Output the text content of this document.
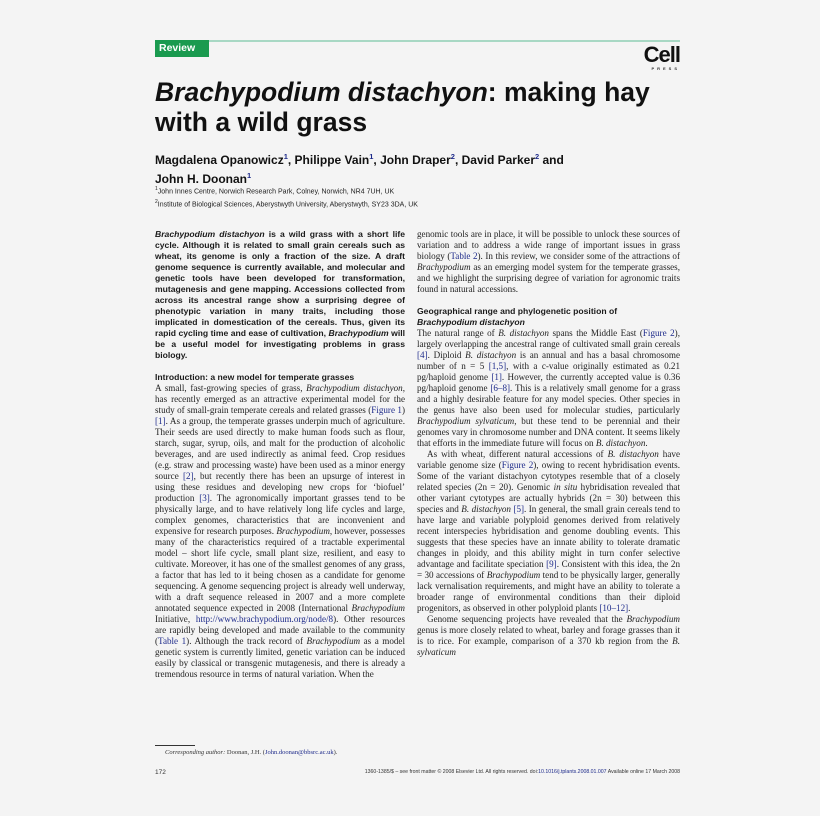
Review	Cell
PRESS
Brachypodium distachyon: making hay with a wild grass
Magdalena Opanowicz$^1$, Philippe Vain$^1$, John Draper$^2$, David Parker$^2$ and
John H. Doonan$^1$
$^1$John Innes Centre, Norwich Research Park, Colney, Norwich, NR4 7UH, UK
$^2$Institute of Biological Sciences, Aberystwyth University, Aberystwyth, SY23 3DA, UK

Brachypodium distachyon is a wild grass with a short life cycle. Although it is related to small grain cereals such as wheat, its genome is only a fraction of the size. A draft genome sequence is currently available, and molecular and genetic tools have been developed for transformation, mutagenesis and gene mapping. Accessions collected from across its ancestral range show a surprising degree of phenotypic variation in many traits, including those implicated in domestication of the cereals. Thus, given its rapid cycling time and ease of cultivation, Brachypodium will be a useful model for investigating problems in grass biology.

Introduction: a new model for temperate grasses

A small, fast-growing species of grass, Brachypodium distachyon, has recently emerged as an attractive experimental model for the study of small-grain temperate cereals and related grasses (Figure 1) [1]. As a group, the temperate grasses underpin much of agriculture. Their seeds are used directly to make human foods such as flour, starch, sugar, syrup, oils, and malt for the production of alcoholic beverages, and are used indirectly as animal feed. Crop residues (e.g. straw and processing waste) have been used as a minor energy source [2], but recently there has been an upsurge of interest in using these residues and developing new crops for ‘biofuel’ production [3]. The agronomically important grasses tend to be physically large, and to have relatively long life cycles and large, complex genomes, characteristics that are inconvenient and expensive for research purposes. Brachypodium, however, possesses many of the characteristics required of a tractable experimental model – short life cycle, small plant size, resilient, and easy to cultivate. Moreover, it has one of the smallest genomes of any grass, a factor that has led to it being chosen as a candidate for genome sequencing. A genome sequencing project is already well underway, with a draft sequence released in 2007 and a more complete annotated sequence expected in 2008 (International Brachypodium Initiative, http://www.brachypodium.org/node/8). Other resources are rapidly being developed and made available to the community (Table 1). Although the track record of Brachypodium as a model genetic system is currently limited, genetic variation can be induced easily by classical or transgenic mutagenesis, and there is already a tremendous resource in terms of natural variation. When the

genomic tools are in place, it will be possible to unlock these sources of variation and to address a wide range of important issues in grass biology (Table 2). In this review, we consider some of the attractions of Brachypodium as an emerging model system for the temperate grasses, and we highlight the surprising degree of variation for agronomic traits found in natural accessions.

Geographical range and phylogenetic position of
Brachypodium distachyon

The natural range of B. distachyon spans the Middle East (Figure 2), largely overlapping the ancestral range of cultivated small grain cereals [4]. Diploid B. distachyon is an annual and has a basal chromosome number of n = 5 [1,5], with a c-value originally estimated as 0.21 pg/haploid genome [1]. However, the currently accepted value is 0.36 pg/haploid genome [6–8]. This is a relatively small genome for a grass and a highly desirable feature for any model species. Other species in the genus have also been used for molecular studies, particularly Brachypodium sylvaticum, but these tend to be perennial and their genomes vary in chromosome number and DNA content. It seems likely that efforts in the immediate future will focus on B. distachyon.

As with wheat, different natural accessions of B. distachyon have variable genome size (Figure 2), owing to recent hybridisation events. Some of the variant distachyon cytotypes resemble that of a closely related species (2n = 20). Genomic in situ hybridisation revealed that other variant cytotypes are actually hybrids (2n = 30) between this species and B. distachyon [5]. In general, the small grain cereals tend to have large and variable polyploid genomes derived from relatively recent interspecies hybridisation and genome doubling events. This suggests that these species have an innate ability to tolerate dramatic changes in ploidy, and this ability might in turn confer selective advantage and facilitate speciation [9]. Consistent with this idea, the 2n = 30 accessions of Brachypodium tend to be physically larger, generally lack vernalisation requirements, and might have an ability to tolerate a broader range of environmental conditions than their diploid progenitors, as observed in other polyploid plants [10–12].

Genome sequencing projects have revealed that the Brachypodium genus is more closely related to wheat, barley and forage grasses than it is to rice. For example, comparison of a 370 kb region from the B. sylvaticum

Corresponding author: Doonan, J.H. (John.doonan@bbsrc.ac.uk).
172	1360-1385/$ – see front matter © 2008 Elsevier Ltd. All rights reserved. doi:10.1016/j.tplants.2008.01.007 Available online 17 March 2008
